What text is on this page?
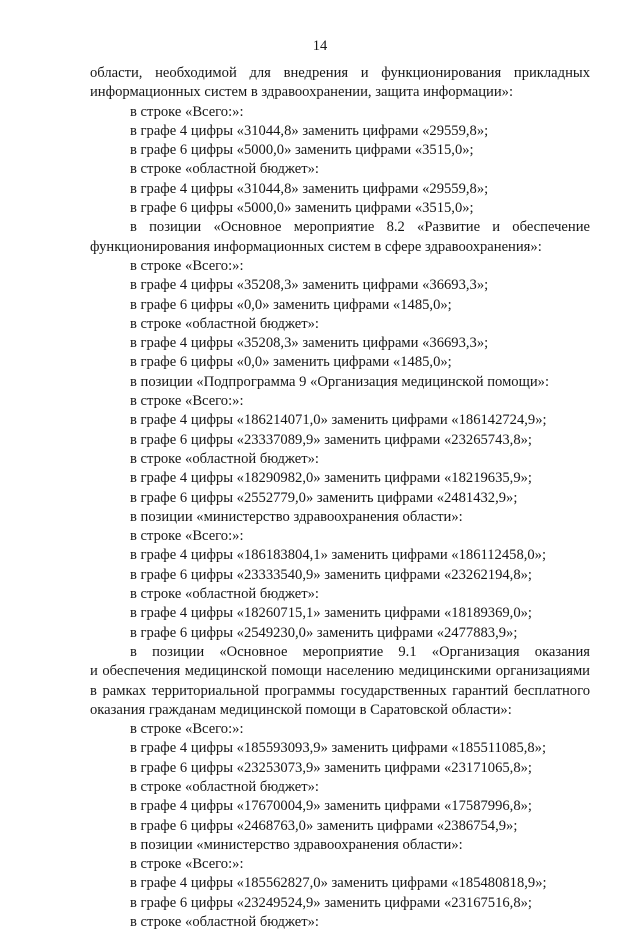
14
области, необходимой для внедрения и функционирования прикладных
информационных систем в здравоохранении, защита информации»:
в строке «Всего:»:
в графе 4 цифры «31044,8» заменить цифрами «29559,8»;
в графе 6 цифры «5000,0» заменить цифрами «3515,0»;
в строке «областной бюджет»:
в графе 4 цифры «31044,8» заменить цифрами «29559,8»;
в графе 6 цифры «5000,0» заменить цифрами «3515,0»;
в позиции «Основное мероприятие 8.2 «Развитие и обеспечение
функционирования информационных систем в сфере здравоохранения»:
в строке «Всего:»:
в графе 4 цифры «35208,3» заменить цифрами «36693,3»;
в графе 6 цифры «0,0» заменить цифрами «1485,0»;
в строке «областной бюджет»:
в графе 4 цифры «35208,3» заменить цифрами «36693,3»;
в графе 6 цифры «0,0» заменить цифрами «1485,0»;
в позиции «Подпрограмма 9 «Организация медицинской помощи»:
в строке «Всего:»:
в графе 4 цифры «186214071,0» заменить цифрами «186142724,9»;
в графе 6 цифры «23337089,9» заменить цифрами «23265743,8»;
в строке «областной бюджет»:
в графе 4 цифры «18290982,0» заменить цифрами «18219635,9»;
в графе 6 цифры «2552779,0» заменить цифрами «2481432,9»;
в позиции «министерство здравоохранения области»:
в строке «Всего:»:
в графе 4 цифры «186183804,1» заменить цифрами «186112458,0»;
в графе 6 цифры «23333540,9» заменить цифрами «23262194,8»;
в строке «областной бюджет»:
в графе 4 цифры «18260715,1» заменить цифрами «18189369,0»;
в графе 6 цифры «2549230,0» заменить цифрами «2477883,9»;
в позиции «Основное мероприятие 9.1 «Организация оказания
и обеспечения медицинской помощи населению медицинскими организациями
в рамках территориальной программы государственных гарантий бесплатного
оказания гражданам медицинской помощи в Саратовской области»:
в строке «Всего:»:
в графе 4 цифры «185593093,9» заменить цифрами «185511085,8»;
в графе 6 цифры «23253073,9» заменить цифрами «23171065,8»;
в строке «областной бюджет»:
в графе 4 цифры «17670004,9» заменить цифрами «17587996,8»;
в графе 6 цифры «2468763,0» заменить цифрами «2386754,9»;
в позиции «министерство здравоохранения области»:
в строке «Всего:»:
в графе 4 цифры «185562827,0» заменить цифрами «185480818,9»;
в графе 6 цифры «23249524,9» заменить цифрами «23167516,8»;
в строке «областной бюджет»:
